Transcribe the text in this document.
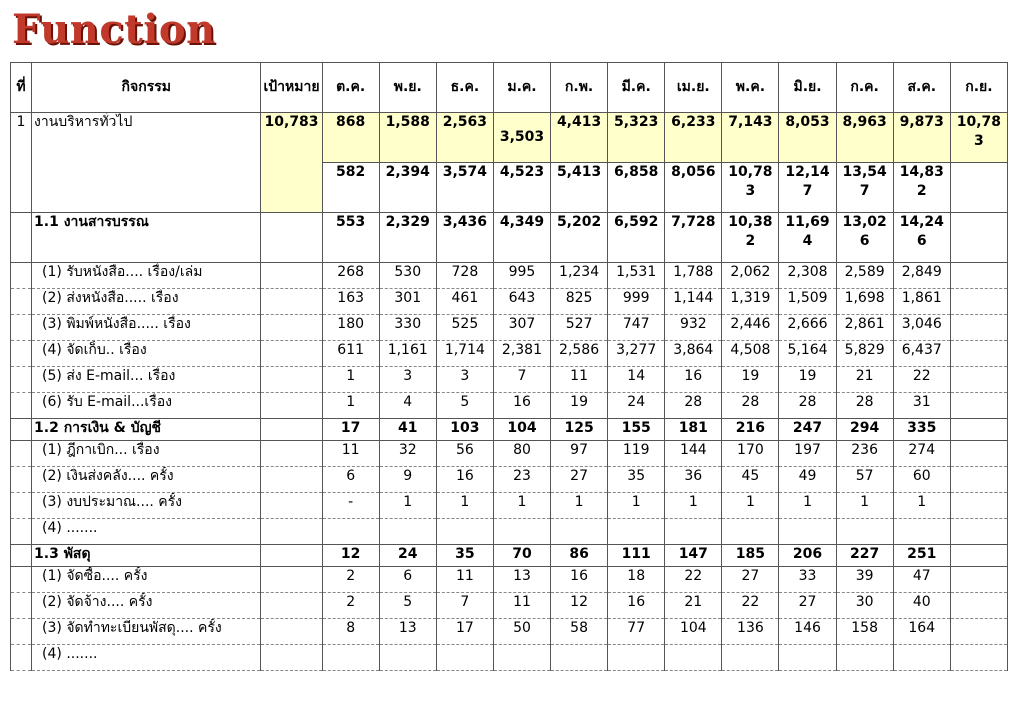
Function
ที่	กิจกรรม	เป้าหมาย	ต.ค.	พ.ย.	ธ.ค.	ม.ค.	ก.พ.	มี.ค.	เม.ย.	พ.ค.	มิ.ย.	ก.ค.	ส.ค.	ก.ย.
1	งานบริหารทั่วไป	10,783	868	1,588	2,563	3,503	4,413	5,323	6,233	7,143	8,053	8,963	9,873	10,783
			582	2,394	3,574	4,523	5,413	6,858	8,056	10,783	12,147	13,547	14,832	
	1.1 งานสารบรรณ		553	2,329	3,436	4,349	5,202	6,592	7,728	10,382	11,694	13,026	14,246	
	(1) รับหนังสือ.... เรื่อง/เล่ม		268	530	728	995	1,234	1,531	1,788	2,062	2,308	2,589	2,849	
	(2) ส่งหนังสือ..... เรื่อง		163	301	461	643	825	999	1,144	1,319	1,509	1,698	1,861	
	(3) พิมพ์หนังสือ..... เรื่อง		180	330	525	307	527	747	932	2,446	2,666	2,861	3,046	
	(4) จัดเก็บ.. เรื่อง		611	1,161	1,714	2,381	2,586	3,277	3,864	4,508	5,164	5,829	6,437	
	(5) ส่ง E-mail... เรื่อง		1	3	3	7	11	14	16	19	19	21	22	
	(6) รับ E-mail...เรื่อง		1	4	5	16	19	24	28	28	28	28	31	
	1.2 การเงิน & บัญชี		17	41	103	104	125	155	181	216	247	294	335	
	(1) ฎีกาเบิก... เรื่อง		11	32	56	80	97	119	144	170	197	236	274	
	(2) เงินส่งคลัง.... ครั้ง		6	9	16	23	27	35	36	45	49	57	60	
	(3) งบประมาณ.... ครั้ง		-	1	1	1	1	1	1	1	1	1	1	
	(4) .......													
	1.3 พัสดุ		12	24	35	70	86	111	147	185	206	227	251	
	(1) จัดซื้อ.... ครั้ง		2	6	11	13	16	18	22	27	33	39	47	
	(2) จัดจ้าง.... ครั้ง		2	5	7	11	12	16	21	22	27	30	40	
	(3) จัดทำทะเบียนพัสดุ.... ครั้ง		8	13	17	50	58	77	104	136	146	158	164	
	(4) .......													
